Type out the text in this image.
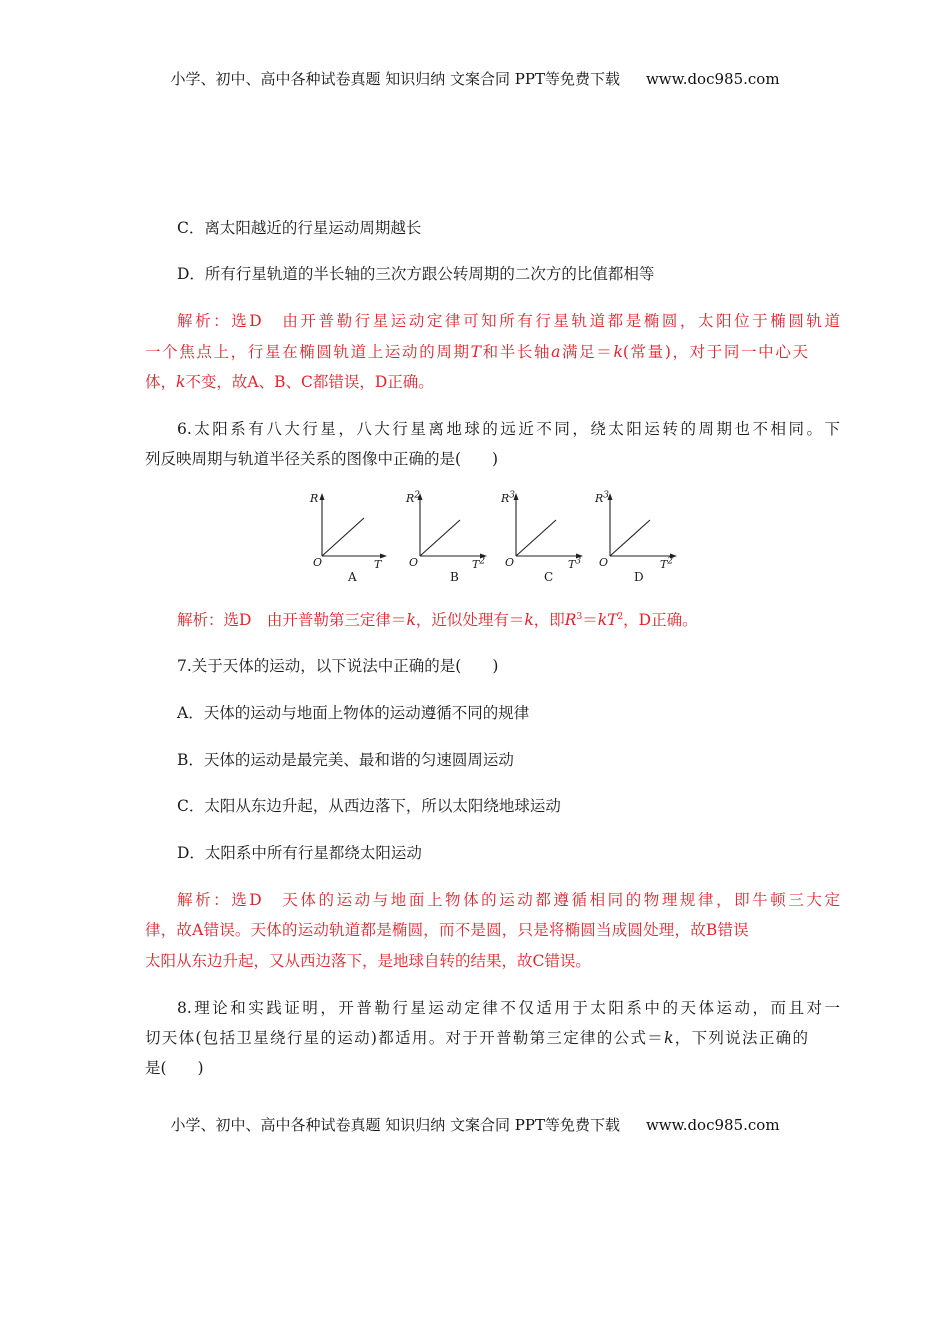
小学、初中、高中各种试卷真题 知识归纳 文案合同 PPT等免费下载 www.doc985.com

C．离太阳越近的行星运动周期越长

D．所有行星轨道的半长轴的三次方跟公转周期的二次方的比值都相等

解析：选D　由开普勒行星运动定律可知所有行星轨道都是椭圆，太阳位于椭圆轨道

一个焦点上，行星在椭圆轨道上运动的周期T和半长轴a满足＝k(常量)，对于同一中心天

体，k不变，故A、B、C都错误，D正确。

6.太阳系有八大行星，八大行星离地球的远近不同，绕太阳运转的周期也不相同。下

列反映周期与轨道半径关系的图像中正确的是(　　)

R
O	T
A
$R^2$
O	$T^2$
B
$R^3$
O	$T^3$
C
$R^3$
O	$T^2$
D

解析：选D　由开普勒第三定律＝k，近似处理有＝k，即$R^3=kT^2$，D正确。

7.关于天体的运动，以下说法中正确的是(　　)

A．天体的运动与地面上物体的运动遵循不同的规律

B．天体的运动是最完美、最和谐的匀速圆周运动

C．太阳从东边升起，从西边落下，所以太阳绕地球运动

D．太阳系中所有行星都绕太阳运动

解析：选D　天体的运动与地面上物体的运动都遵循相同的物理规律，即牛顿三大定

律，故A错误。天体的运动轨道都是椭圆，而不是圆，只是将椭圆当成圆处理，故B错误

太阳从东边升起，又从西边落下，是地球自转的结果，故C错误。

8.理论和实践证明，开普勒行星运动定律不仅适用于太阳系中的天体运动，而且对一

切天体(包括卫星绕行星的运动)都适用。对于开普勒第三定律的公式＝k，下列说法正确的

是(　　)

小学、初中、高中各种试卷真题 知识归纳 文案合同 PPT等免费下载 www.doc985.com
